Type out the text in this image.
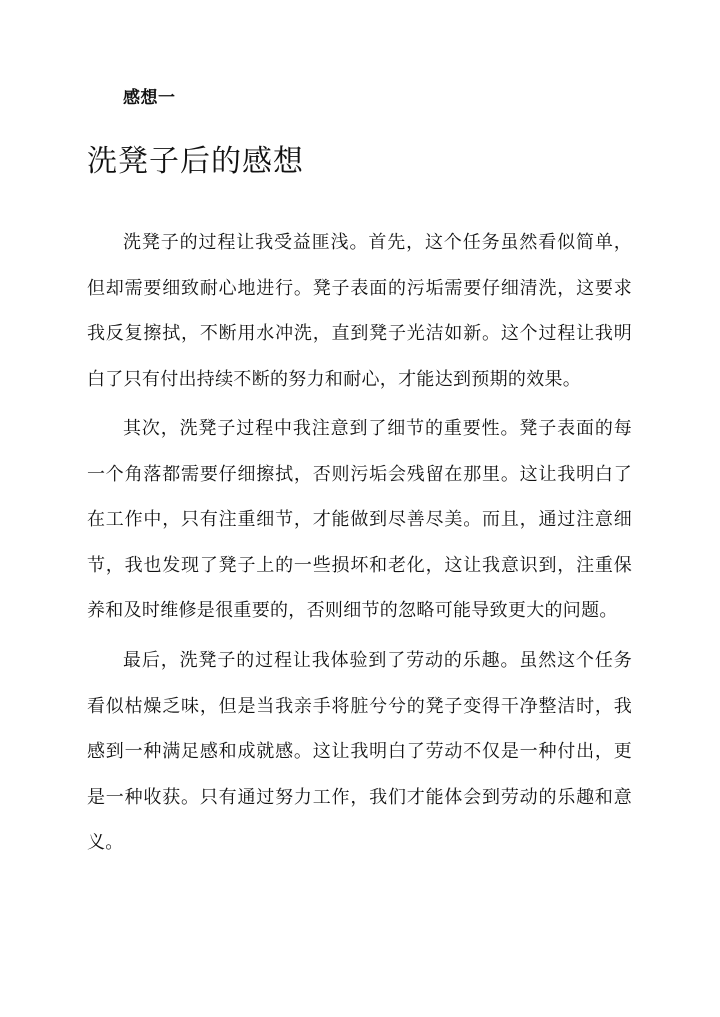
感想一
洗凳子后的感想

洗凳子的过程让我受益匪浅。首先，这个任务虽然看似简单，但却需要细致耐心地进行。凳子表面的污垢需要仔细清洗，这要求我反复擦拭，不断用水冲洗，直到凳子光洁如新。这个过程让我明白了只有付出持续不断的努力和耐心，才能达到预期的效果。

其次，洗凳子过程中我注意到了细节的重要性。凳子表面的每一个角落都需要仔细擦拭，否则污垢会残留在那里。这让我明白了在工作中，只有注重细节，才能做到尽善尽美。而且，通过注意细节，我也发现了凳子上的一些损坏和老化，这让我意识到，注重保养和及时维修是很重要的，否则细节的忽略可能导致更大的问题。

最后，洗凳子的过程让我体验到了劳动的乐趣。虽然这个任务看似枯燥乏味，但是当我亲手将脏兮兮的凳子变得干净整洁时，我感到一种满足感和成就感。这让我明白了劳动不仅是一种付出，更是一种收获。只有通过努力工作，我们才能体会到劳动的乐趣和意义。
